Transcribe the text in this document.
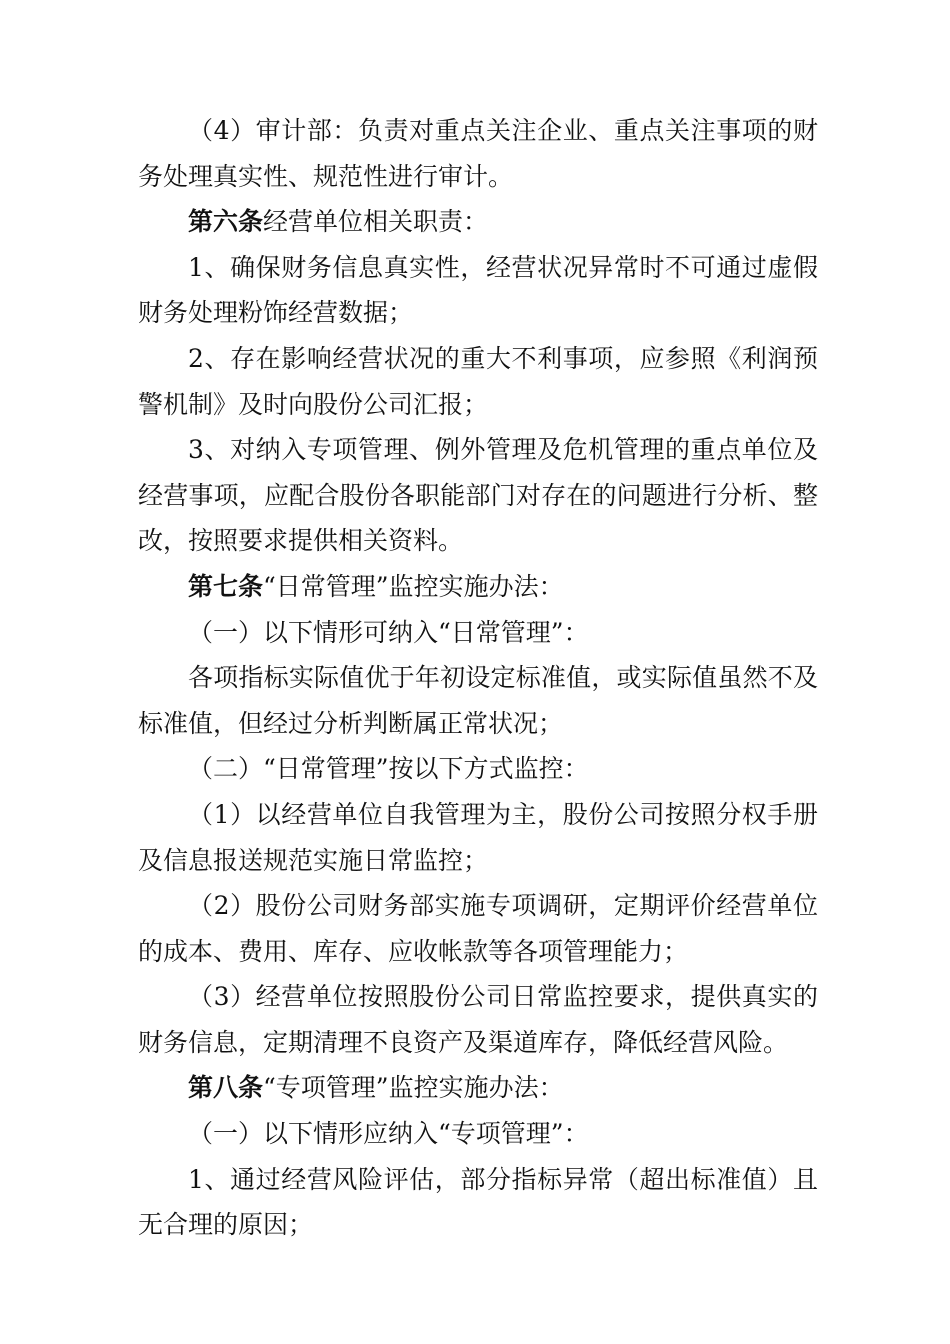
（4）审计部：负责对重点关注企业、重点关注事项的财务处理真实性、规范性进行审计。

第六条经营单位相关职责：

1、确保财务信息真实性，经营状况异常时不可通过虚假财务处理粉饰经营数据；

2、存在影响经营状况的重大不利事项，应参照《利润预警机制》及时向股份公司汇报；

3、对纳入专项管理、例外管理及危机管理的重点单位及经营事项，应配合股份各职能部门对存在的问题进行分析、整改，按照要求提供相关资料。

第七条“日常管理”监控实施办法：

（一）以下情形可纳入“日常管理”：

各项指标实际值优于年初设定标准值，或实际值虽然不及标准值，但经过分析判断属正常状况；

（二）“日常管理”按以下方式监控：

（1）以经营单位自我管理为主，股份公司按照分权手册及信息报送规范实施日常监控；

（2）股份公司财务部实施专项调研，定期评价经营单位的成本、费用、库存、应收帐款等各项管理能力；

（3）经营单位按照股份公司日常监控要求，提供真实的财务信息，定期清理不良资产及渠道库存，降低经营风险。

第八条“专项管理”监控实施办法：

（一）以下情形应纳入“专项管理”：

1、通过经营风险评估，部分指标异常（超出标准值）且无合理的原因；
